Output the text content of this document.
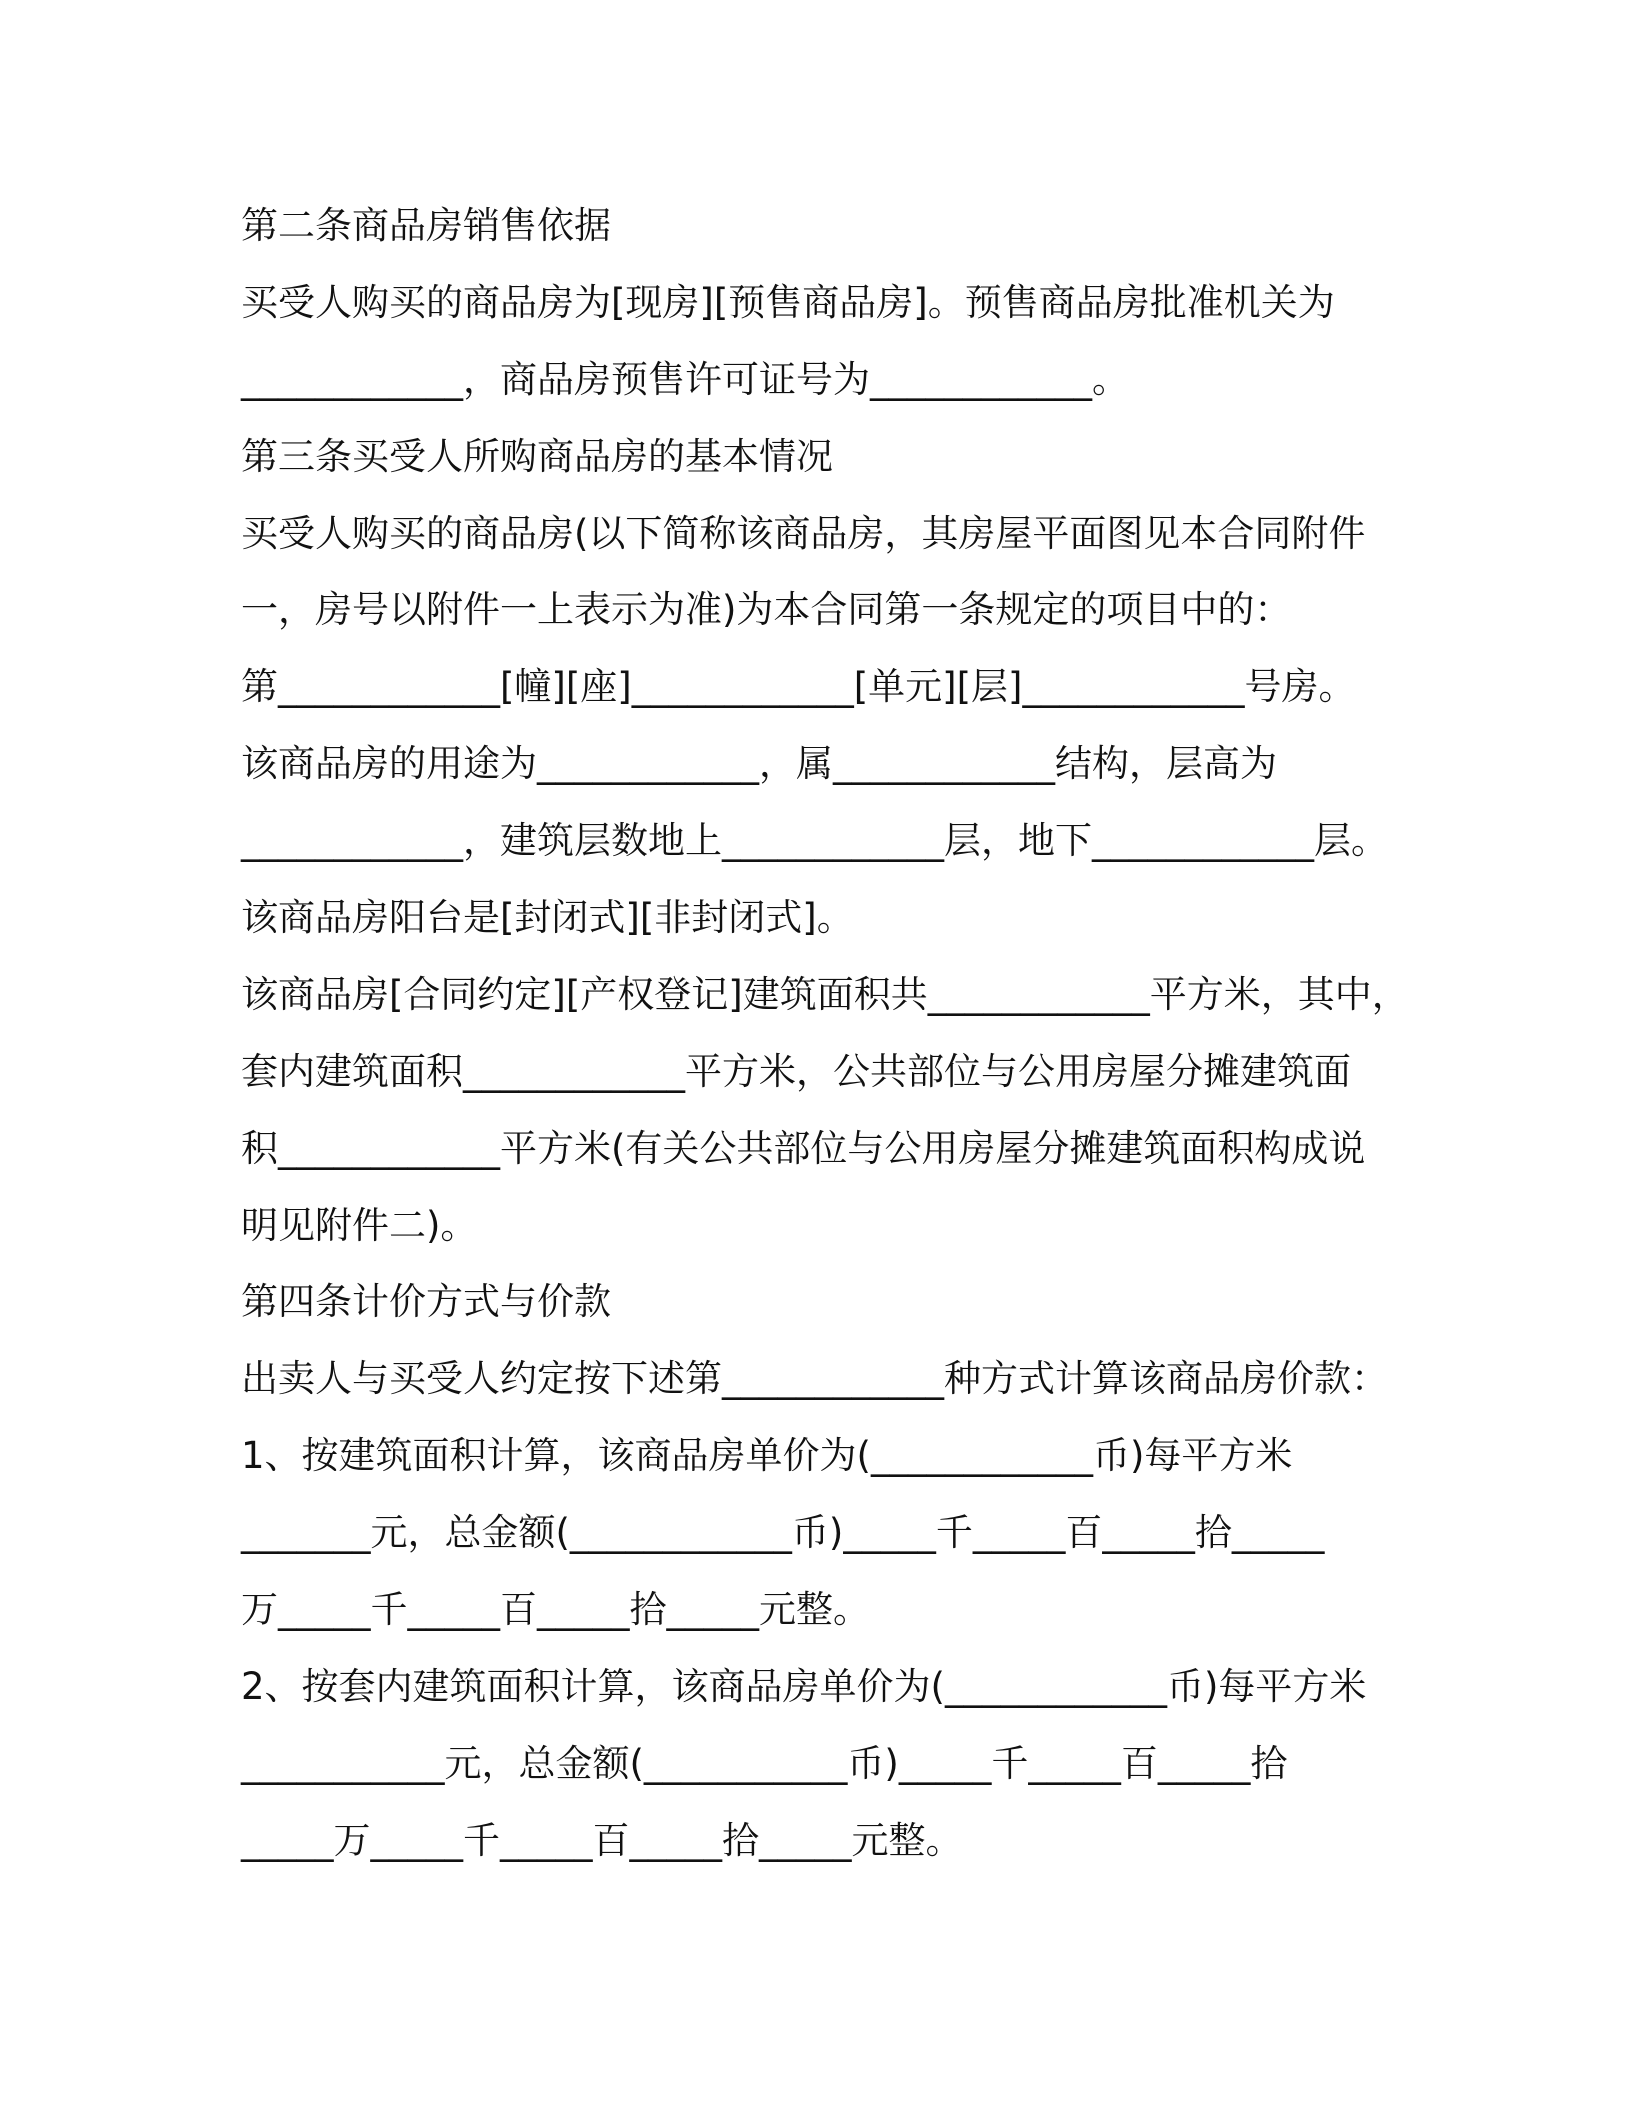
第二条商品房销售依据
买受人购买的商品房为[现房][预售商品房]。预售商品房批准机关为
____________，商品房预售许可证号为____________。
第三条买受人所购商品房的基本情况
买受人购买的商品房(以下简称该商品房，其房屋平面图见本合同附件
一，房号以附件一上表示为准)为本合同第一条规定的项目中的：
第____________[幢][座]____________[单元][层]____________号房。
该商品房的用途为____________，属____________结构，层高为
____________，建筑层数地上____________层，地下____________层。
该商品房阳台是[封闭式][非封闭式]。
该商品房[合同约定][产权登记]建筑面积共____________平方米，其中，
套内建筑面积____________平方米，公共部位与公用房屋分摊建筑面
积____________平方米(有关公共部位与公用房屋分摊建筑面积构成说
明见附件二)。
第四条计价方式与价款
出卖人与买受人约定按下述第____________种方式计算该商品房价款：
1、按建筑面积计算，该商品房单价为(____________币)每平方米
_______元，总金额(____________币)_____千_____百_____拾_____
万_____千_____百_____拾_____元整。
2、按套内建筑面积计算，该商品房单价为(____________币)每平方米
___________元，总金额(___________币)_____千_____百_____拾
_____万_____千_____百_____拾_____元整。
